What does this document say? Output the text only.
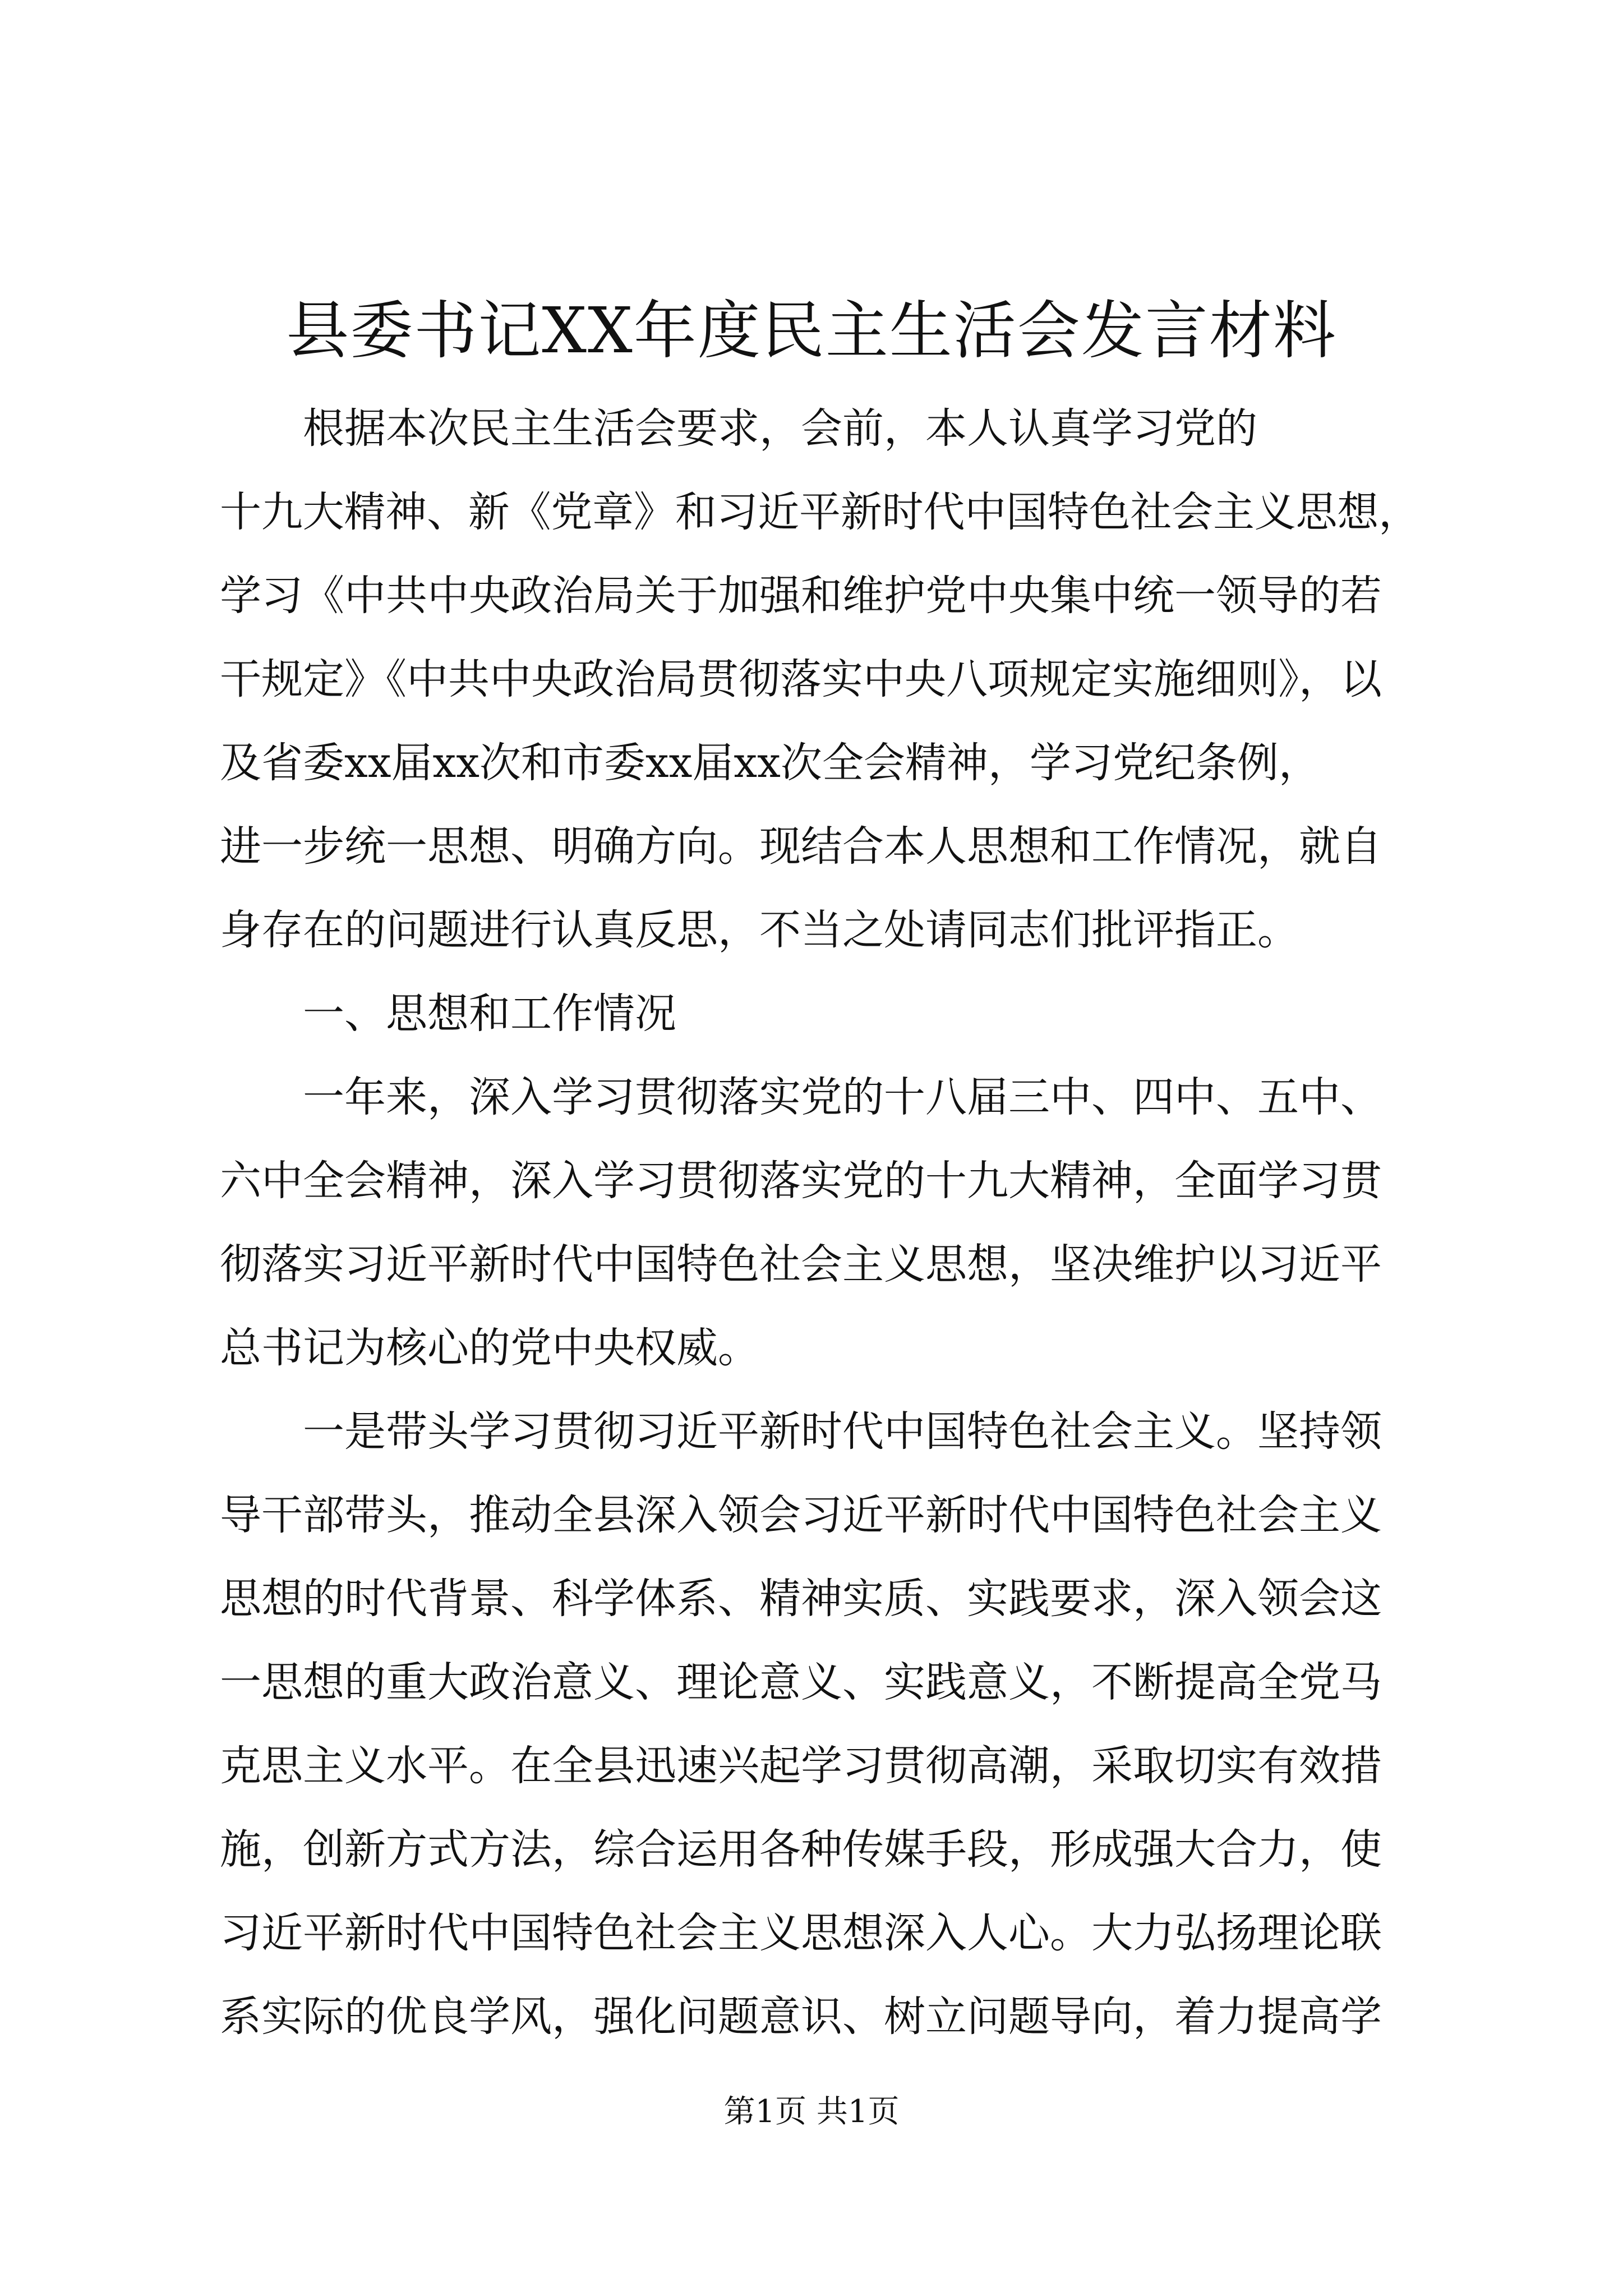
县委书记XX年度民主生活会发言材料
　　根据本次民主生活会要求，会前，本人认真学习党的
十九大精神、新《党章》和习近平新时代中国特色社会主义思想，
学习《中共中央政治局关于加强和维护党中央集中统一领导的若
干规定》《中共中央政治局贯彻落实中央八项规定实施细则》，以
及省委xx届xx次和市委xx届xx次全会精神，学习党纪条例，
进一步统一思想、明确方向。现结合本人思想和工作情况，就自
身存在的问题进行认真反思，不当之处请同志们批评指正。
　　一、思想和工作情况
　　一年来，深入学习贯彻落实党的十八届三中、四中、五中、
六中全会精神，深入学习贯彻落实党的十九大精神，全面学习贯
彻落实习近平新时代中国特色社会主义思想，坚决维护以习近平
总书记为核心的党中央权威。
　　一是带头学习贯彻习近平新时代中国特色社会主义。坚持领
导干部带头，推动全县深入领会习近平新时代中国特色社会主义
思想的时代背景、科学体系、精神实质、实践要求，深入领会这
一思想的重大政治意义、理论意义、实践意义，不断提高全党马
克思主义水平。在全县迅速兴起学习贯彻高潮，采取切实有效措
施，创新方式方法，综合运用各种传媒手段，形成强大合力，使
习近平新时代中国特色社会主义思想深入人心。大力弘扬理论联
系实际的优良学风，强化问题意识、树立问题导向，着力提高学
第1页 共1页
